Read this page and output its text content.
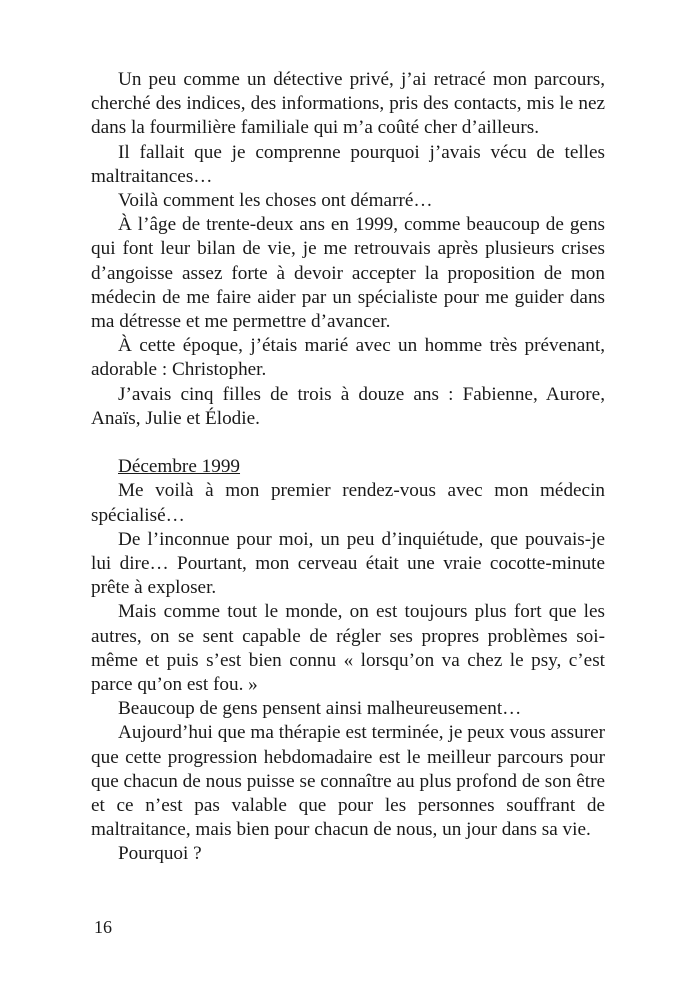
Un peu comme un détective privé, j’ai retracé mon parcours, cherché des indices, des informations, pris des contacts, mis le nez dans la fourmilière familiale qui m’a coûté cher d’ailleurs.

Il fallait que je comprenne pourquoi j’avais vécu de telles maltraitances…

Voilà comment les choses ont démarré…

À l’âge de trente-deux ans en 1999, comme beaucoup de gens qui font leur bilan de vie, je me retrouvais après plusieurs crises d’angoisse assez forte à devoir accepter la proposition de mon médecin de me faire aider par un spécialiste pour me guider dans ma détresse et me permettre d’avancer.

À cette époque, j’étais marié avec un homme très prévenant, adorable : Christopher.

J’avais cinq filles de trois à douze ans : Fabienne, Aurore, Anaïs, Julie et Élodie.

Décembre 1999

Me voilà à mon premier rendez-vous avec mon médecin spécialisé…

De l’inconnue pour moi, un peu d’inquiétude, que pouvais-je lui dire… Pourtant, mon cerveau était une vraie cocotte-minute prête à exploser.

Mais comme tout le monde, on est toujours plus fort que les autres, on se sent capable de régler ses propres problèmes soi-même et puis s’est bien connu « lorsqu’on va chez le psy, c’est parce qu’on est fou. »

Beaucoup de gens pensent ainsi malheureusement…

Aujourd’hui que ma thérapie est terminée, je peux vous assurer que cette progression hebdomadaire est le meilleur parcours pour que chacun de nous puisse se connaître au plus profond de son être et ce n’est pas valable que pour les personnes souffrant de maltraitance, mais bien pour chacun de nous, un jour dans sa vie.

Pourquoi ?

16
